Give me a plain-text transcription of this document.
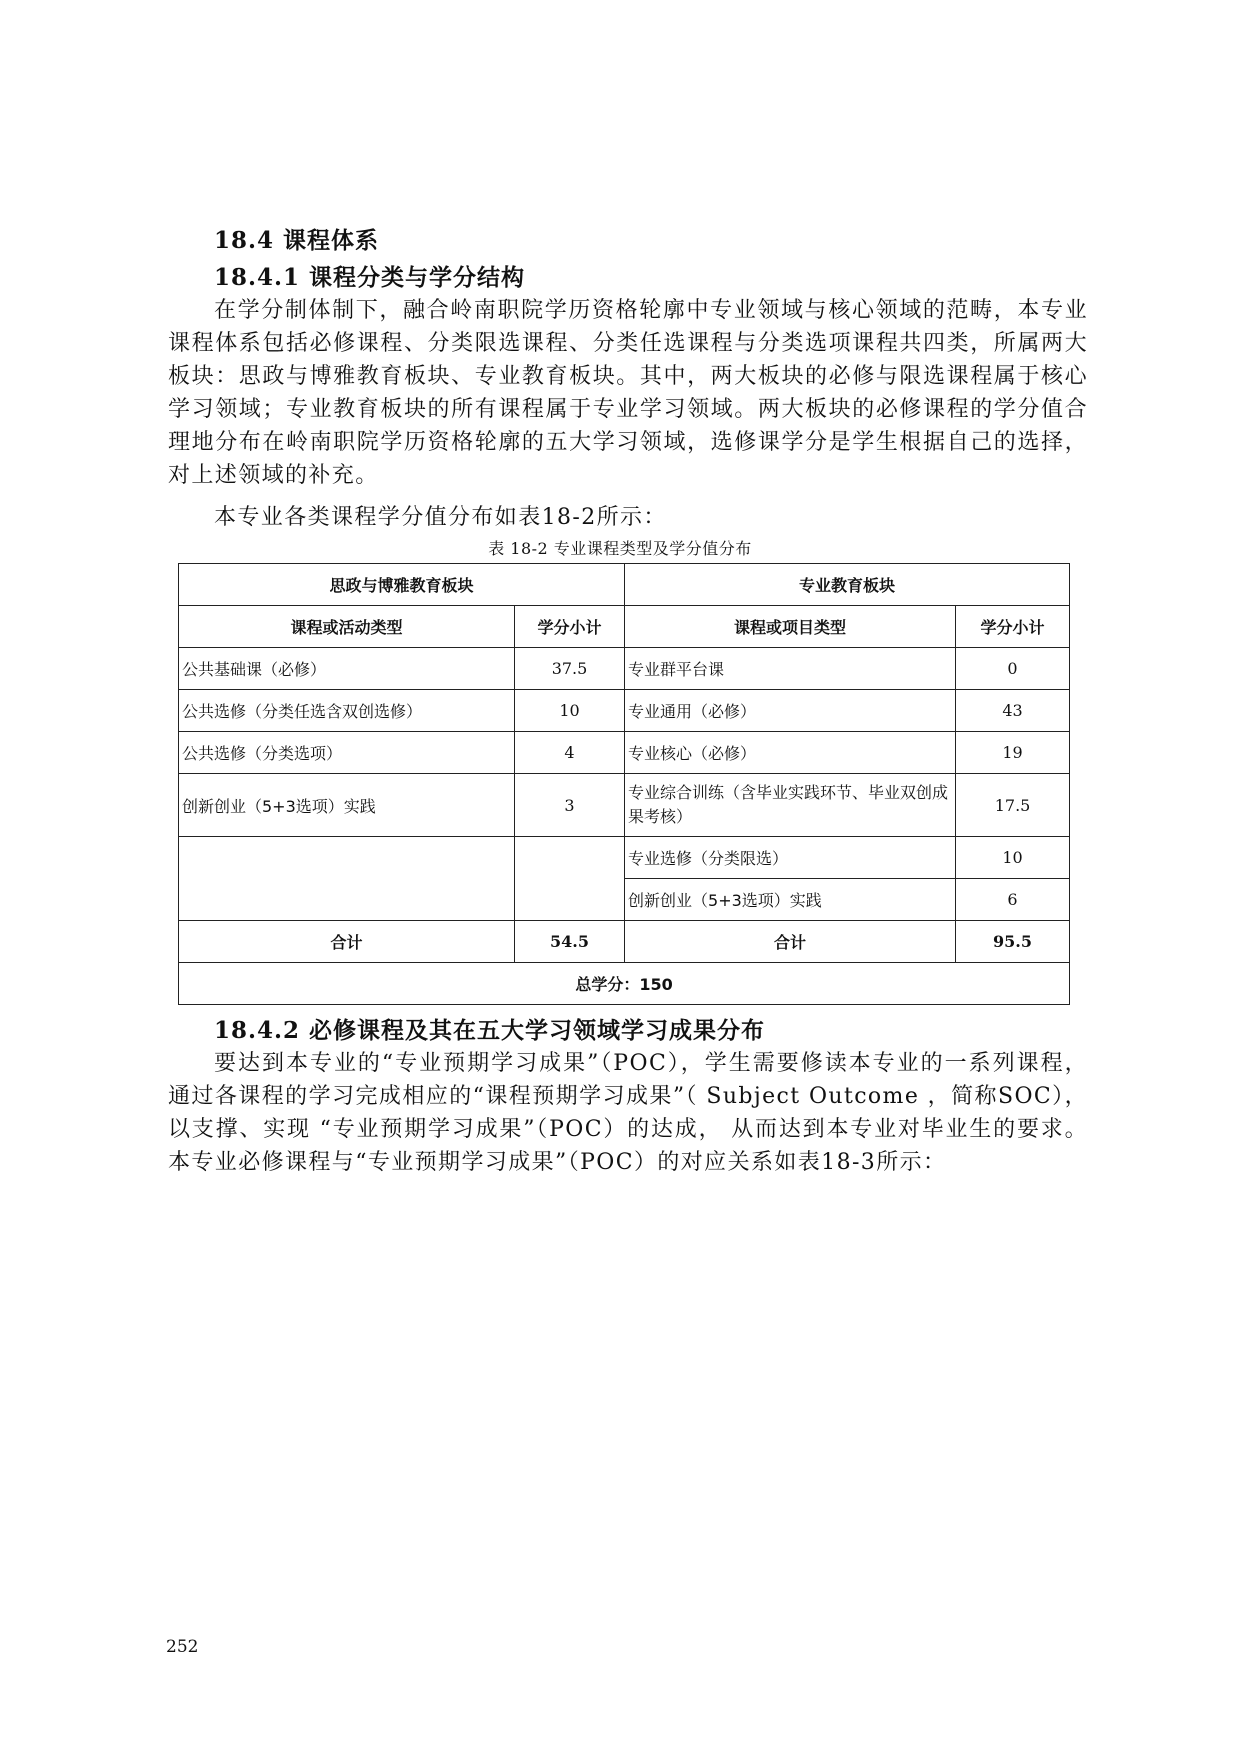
18.4 课程体系
18.4.1 课程分类与学分结构

在学分制体制下，融合岭南职院学历资格轮廓中专业领域与核心领域的范畴，本专业课程体系包括必修课程、分类限选课程、分类任选课程与分类选项课程共四类，所属两大板块：思政与博雅教育板块、专业教育板块。其中，两大板块的必修与限选课程属于核心学习领域；专业教育板块的所有课程属于专业学习领域。两大板块的必修课程的学分值合理地分布在岭南职院学历资格轮廓的五大学习领域，选修课学分是学生根据自己的选择，对上述领域的补充。

本专业各类课程学分值分布如表18-2所示：
表 18-2 专业课程类型及学分值分布
思政与博雅教育板块		专业教育板块	
课程或活动类型	学分小计	课程或项目类型	学分小计
公共基础课（必修）	37.5	专业群平台课	0
公共选修（分类任选含双创选修）	10	专业通用（必修）	43
公共选修（分类选项）	4	专业核心（必修）	19
创新创业（5+3选项）实践	3	专业综合训练（含毕业实践环节、毕业双创成果考核）	17.5
		专业选修（分类限选）	10
		创新创业（5+3选项）实践	6
合计	54.5	合计	95.5
总学分：150			
18.4.2 必修课程及其在五大学习领域学习成果分布

要达到本专业的“专业预期学习成果”（POC），学生需要修读本专业的一系列课程，通过各课程的学习完成相应的“课程预期学习成果”（ Subject Outcome ，简称SOC），以支撑、实现 “专业预期学习成果”（POC）的达成， 从而达到本专业对毕业生的要求。本专业必修课程与“专业预期学习成果”（POC）的对应关系如表18-3所示：

252
